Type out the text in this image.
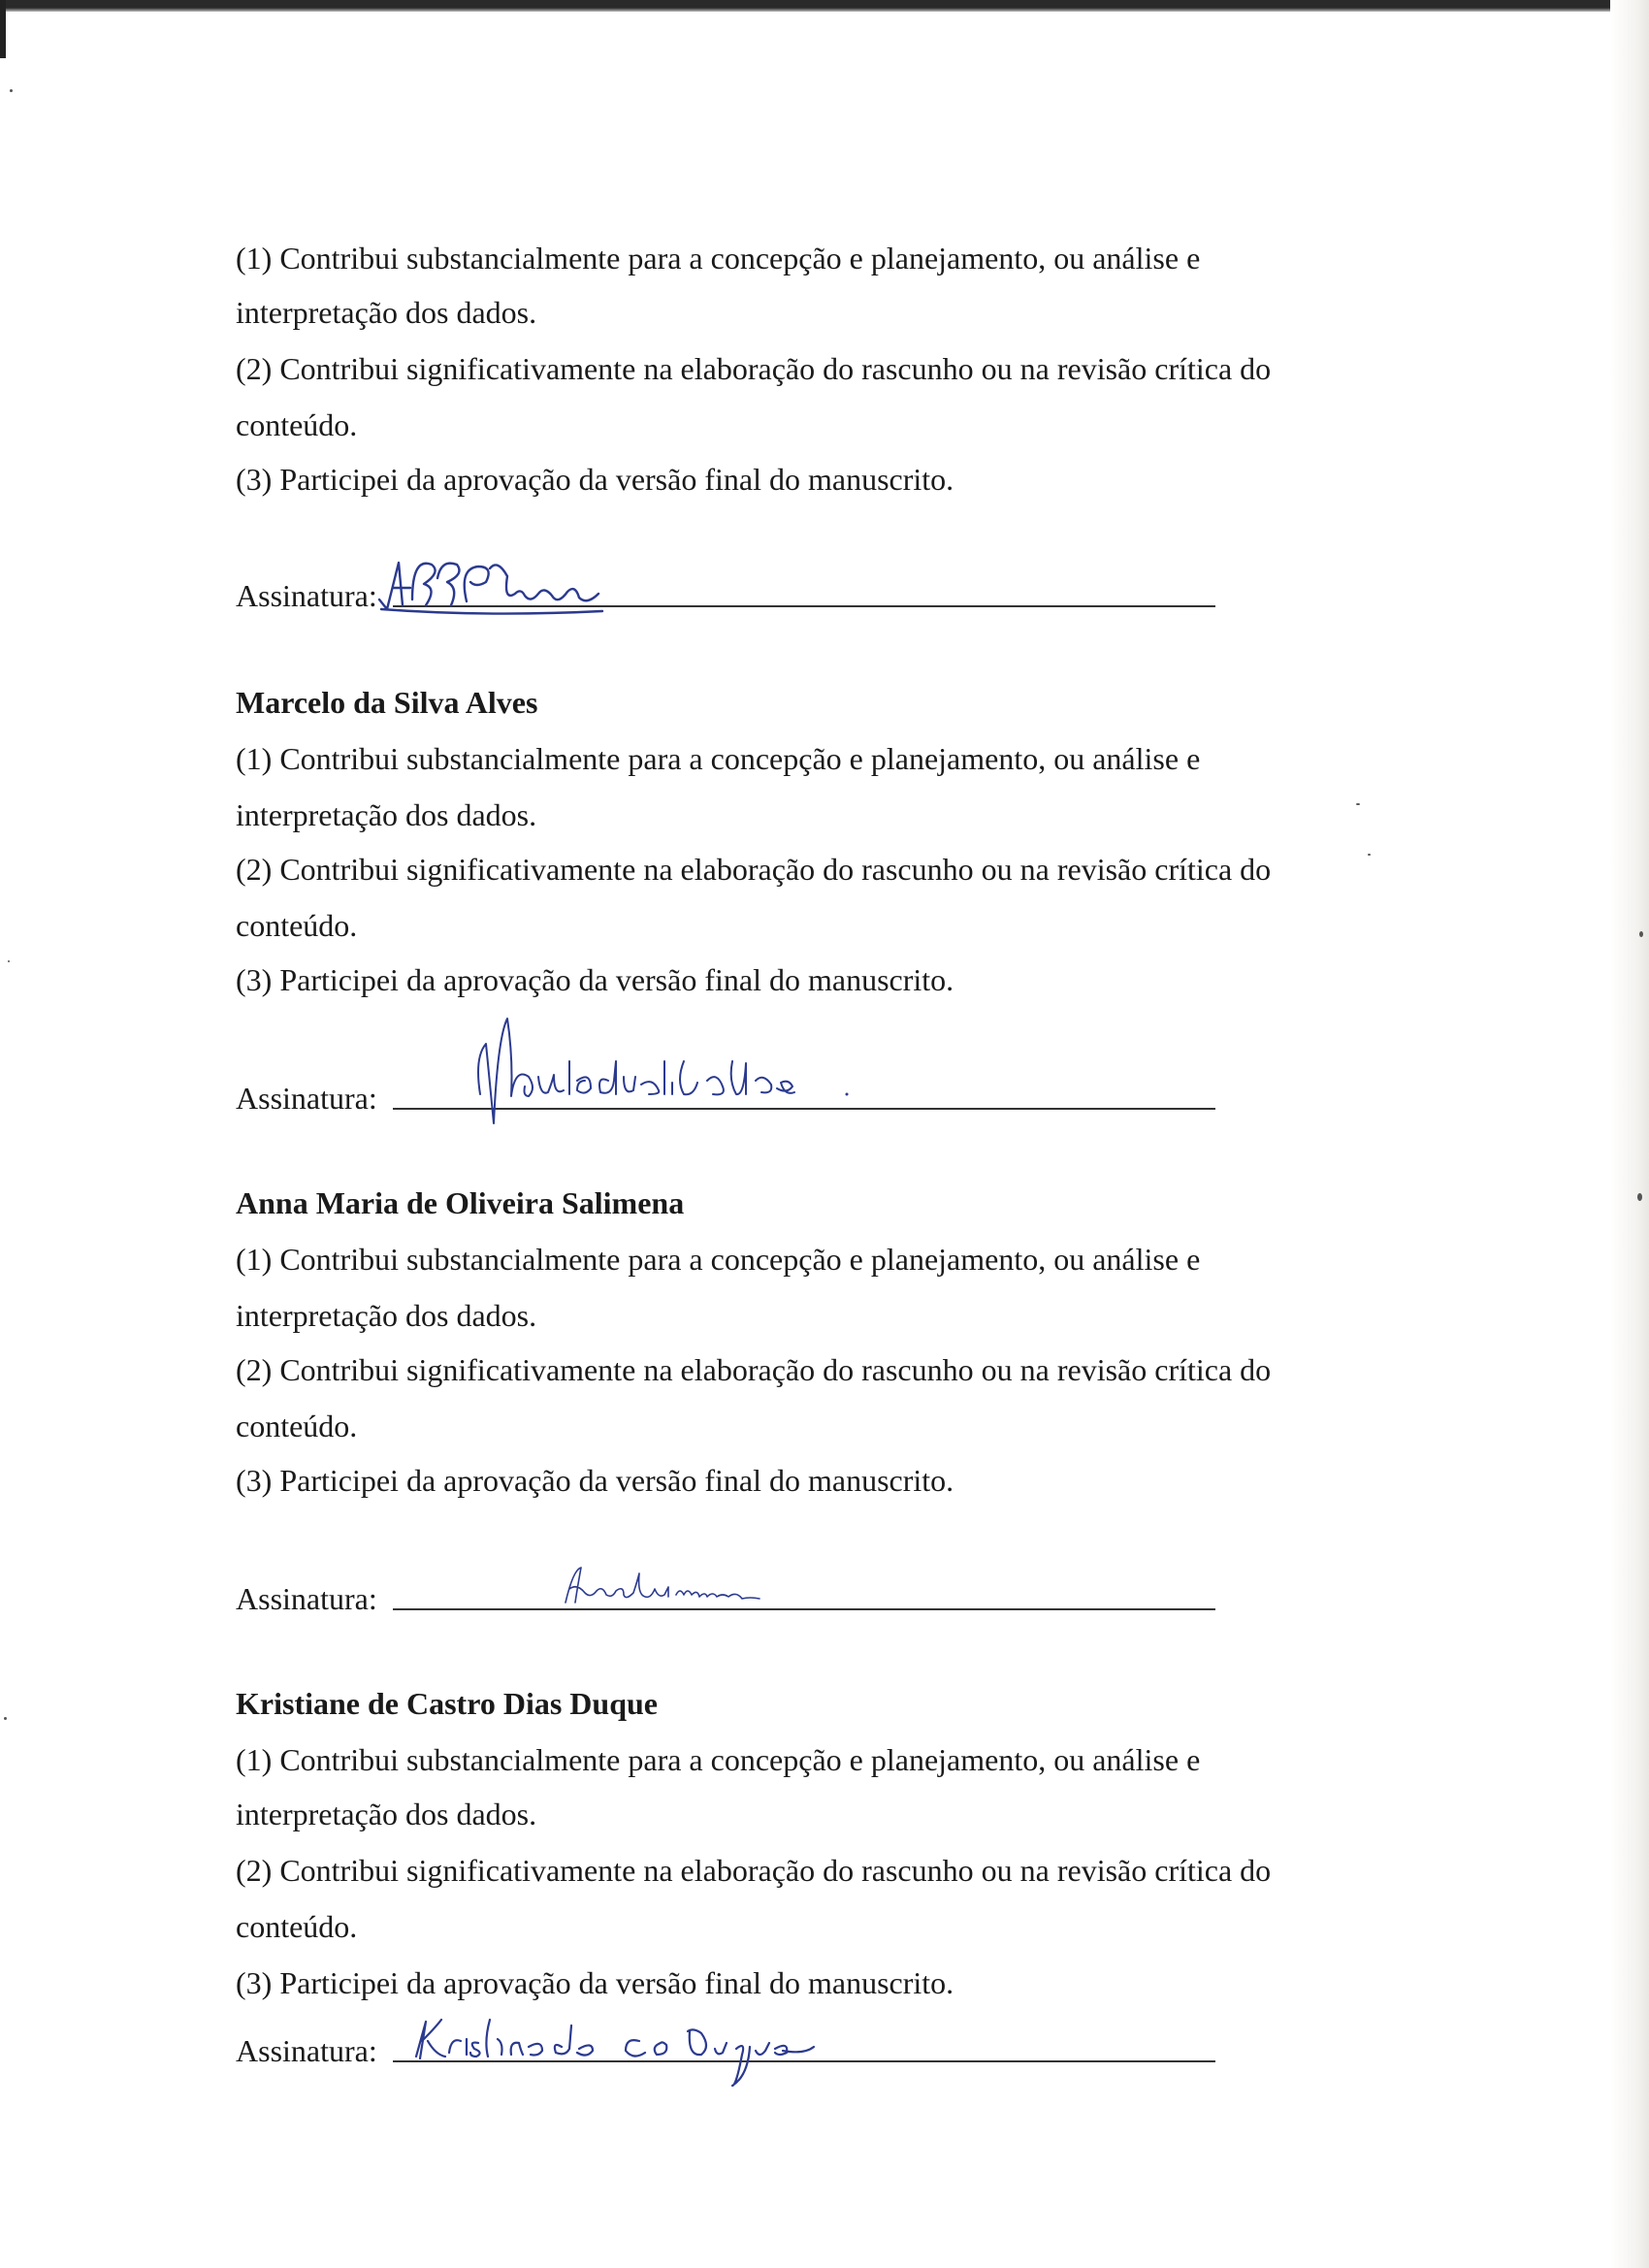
(1) Contribui substancialmente para a concepção e planejamento, ou análise e
interpretação dos dados.
(2) Contribui significativamente na elaboração do rascunho ou na revisão crítica do
conteúdo.
(3) Participei da aprovação da versão final do manuscrito.
Assinatura:
Marcelo da Silva Alves
(1) Contribui substancialmente para a concepção e planejamento, ou análise e
interpretação dos dados.
(2) Contribui significativamente na elaboração do rascunho ou na revisão crítica do
conteúdo.
(3) Participei da aprovação da versão final do manuscrito.
Assinatura:
Anna Maria de Oliveira Salimena
(1) Contribui substancialmente para a concepção e planejamento, ou análise e
interpretação dos dados.
(2) Contribui significativamente na elaboração do rascunho ou na revisão crítica do
conteúdo.
(3) Participei da aprovação da versão final do manuscrito.
Assinatura:
Kristiane de Castro Dias Duque
(1) Contribui substancialmente para a concepção e planejamento, ou análise e
interpretação dos dados.
(2) Contribui significativamente na elaboração do rascunho ou na revisão crítica do
conteúdo.
(3) Participei da aprovação da versão final do manuscrito.
Assinatura:
